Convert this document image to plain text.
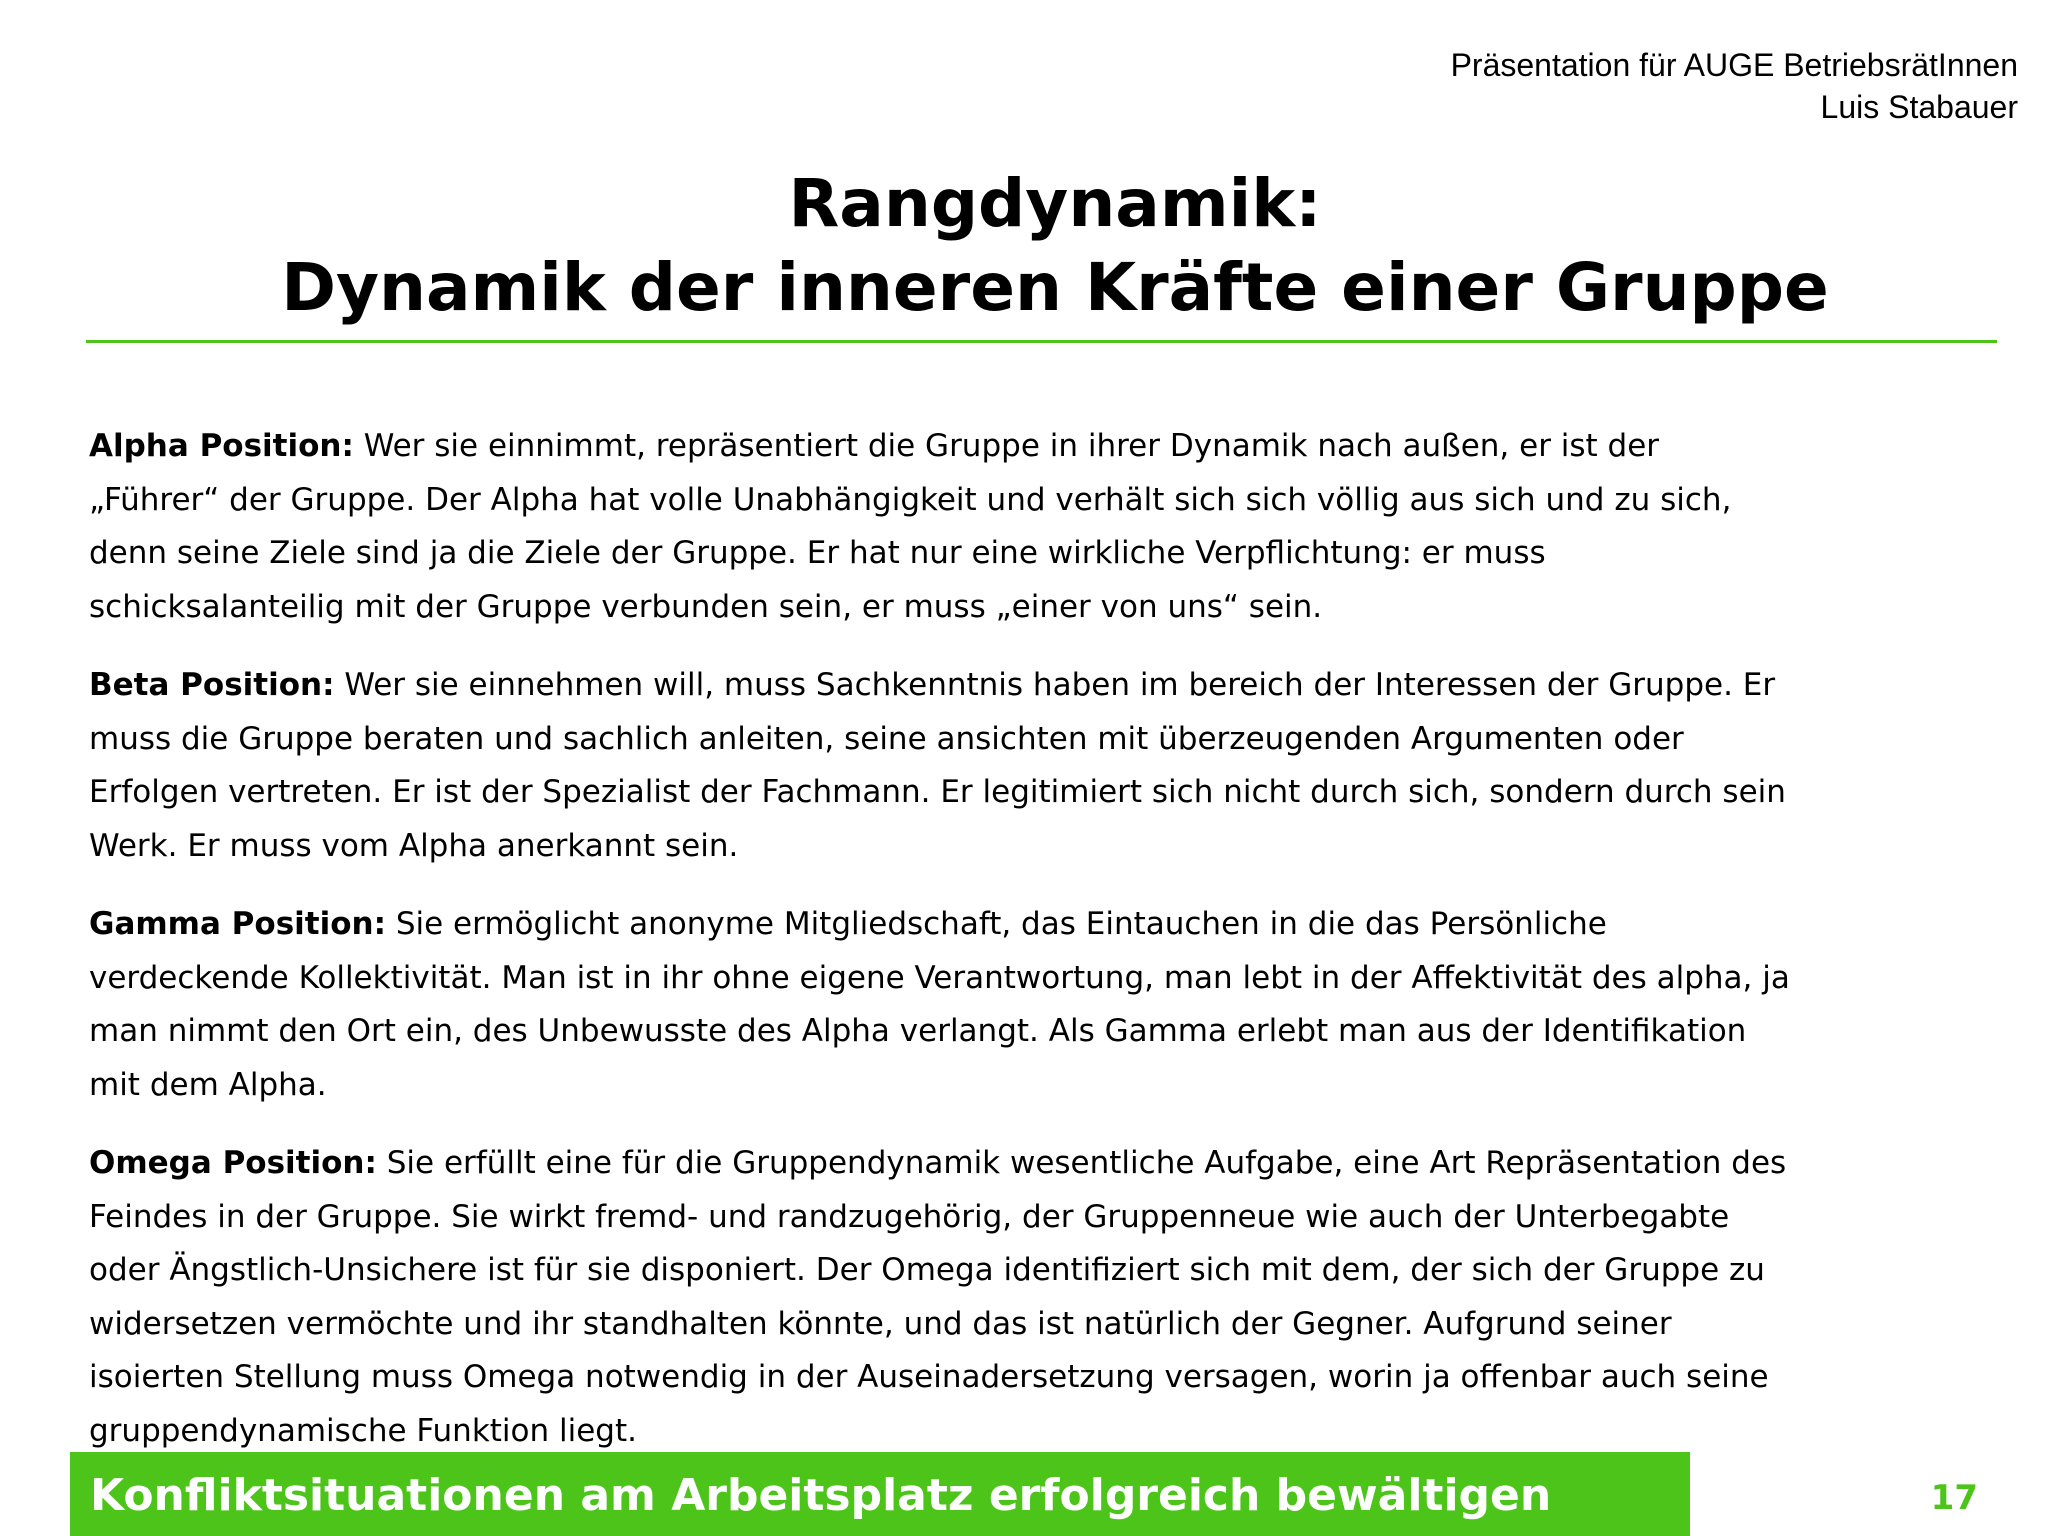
Präsentation für AUGE BetriebsrätInnen
Luis Stabauer
Rangdynamik:
Dynamik der inneren Kräfte einer Gruppe

Alpha Position: Wer sie einnimmt, repräsentiert die Gruppe in ihrer Dynamik nach außen, er ist der
„Führer“ der Gruppe. Der Alpha hat volle Unabhängigkeit und verhält sich sich völlig aus sich und zu sich,
denn seine Ziele sind ja die Ziele der Gruppe. Er hat nur eine wirkliche Verpflichtung: er muss
schicksalanteilig mit der Gruppe verbunden sein, er muss „einer von uns“ sein.

Beta Position: Wer sie einnehmen will, muss Sachkenntnis haben im bereich der Interessen der Gruppe. Er
muss die Gruppe beraten und sachlich anleiten, seine ansichten mit überzeugenden Argumenten oder
Erfolgen vertreten. Er ist der Spezialist der Fachmann. Er legitimiert sich nicht durch sich, sondern durch sein
Werk. Er muss vom Alpha anerkannt sein.

Gamma Position: Sie ermöglicht anonyme Mitgliedschaft, das Eintauchen in die das Persönliche
verdeckende Kollektivität. Man ist in ihr ohne eigene Verantwortung, man lebt in der Affektivität des alpha, ja
man nimmt den Ort ein, des Unbewusste des Alpha verlangt. Als Gamma erlebt man aus der Identifikation
mit dem Alpha.

Omega Position: Sie erfüllt eine für die Gruppendynamik wesentliche Aufgabe, eine Art Repräsentation des
Feindes in der Gruppe. Sie wirkt fremd- und randzugehörig, der Gruppenneue wie auch der Unterbegabte
oder Ängstlich-Unsichere ist für sie disponiert. Der Omega identifiziert sich mit dem, der sich der Gruppe zu
widersetzen vermöchte und ihr standhalten könnte, und das ist natürlich der Gegner. Aufgrund seiner
isoierten Stellung muss Omega notwendig in der Auseinadersetzung versagen, worin ja offenbar auch seine
gruppendynamische Funktion liegt.

Konfliktsituationen am Arbeitsplatz erfolgreich bewältigen	17
